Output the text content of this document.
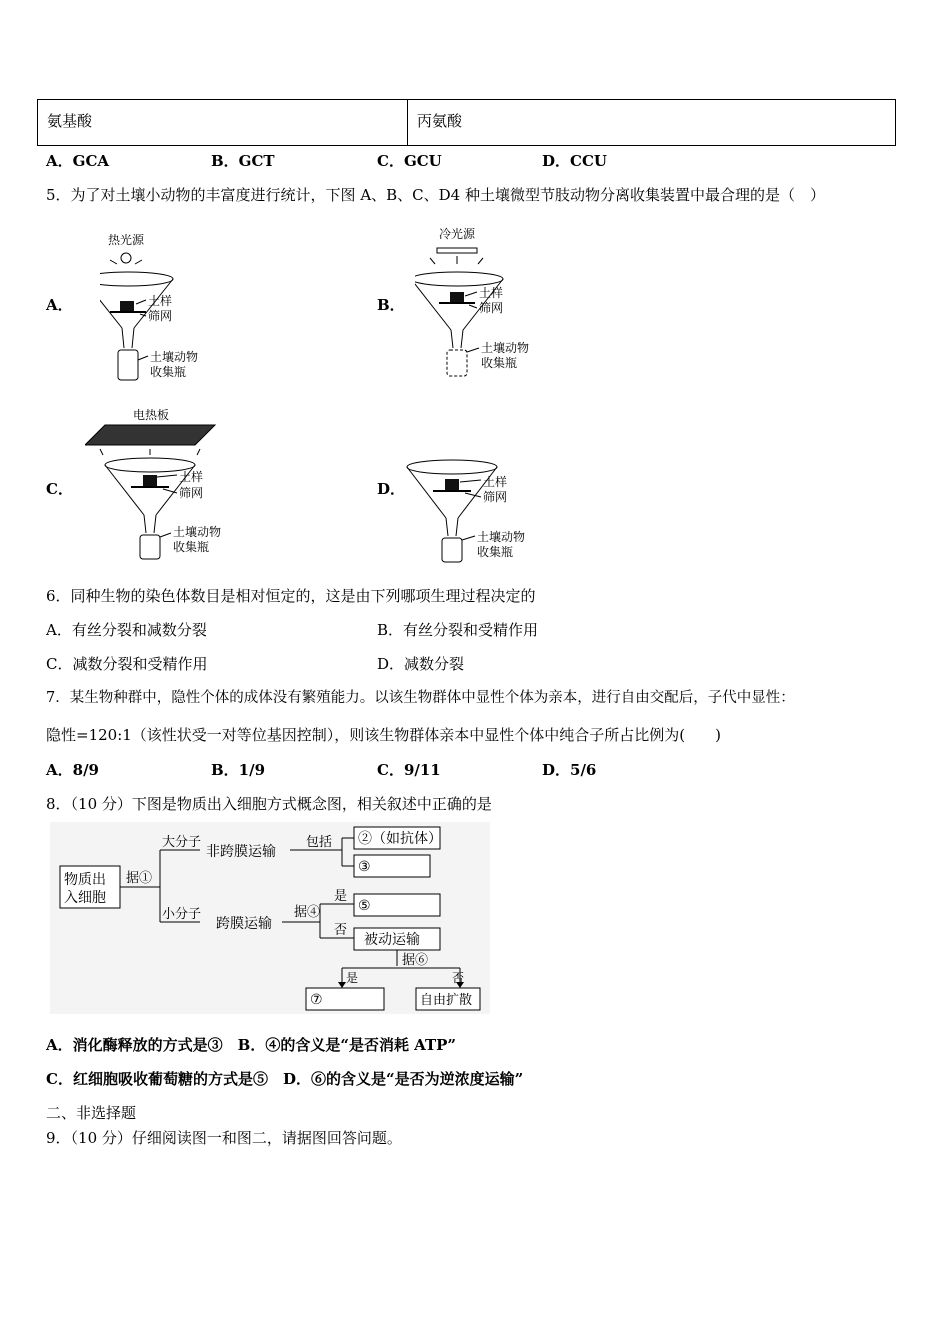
氨基酸	丙氨酸
A．GCA	B．GCT	C．GCU	D．CCU
5．为了对土壤小动物的丰富度进行统计，下图 A、B、C、D4 种土壤微型节肢动物分离收集装置中最合理的是（　）
A．	B．
C．	D．
热光源
土样
筛网
土壤动物
收集瓶
冷光源
土样
筛网
土壤动物
收集瓶
电热板
土样
筛网
土壤动物
收集瓶
土样
筛网
土壤动物
收集瓶
6．同种生物的染色体数目是相对恒定的，这是由下列哪项生理过程决定的
A．有丝分裂和减数分裂	B．有丝分裂和受精作用
C．减数分裂和受精作用	D．减数分裂
7．某生物种群中，隐性个体的成体没有繁殖能力。以该生物群体中显性个体为亲本，进行自由交配后，子代中显性：
隐性=120:1（该性状受一对等位基因控制），则该生物群体亲本中显性个体中纯合子所占比例为(　　)
A．8/9	B．1/9	C．9/11	D．5/6
8．（10 分）下图是物质出入细胞方式概念图，相关叙述中正确的是
物质出
入细胞
据①
大分子
小分子
非跨膜运输
跨膜运输
包括 ②（如抗体）
③
据④
是
否
⑤
被动运输
据⑥
是	否
⑦	自由扩散
A．消化酶释放的方式是③　B．④的含义是“是否消耗 ATP”
C．红细胞吸收葡萄糖的方式是⑤　D．⑥的含义是“是否为逆浓度运输”
二、非选择题
9．（10 分）仔细阅读图一和图二，请据图回答问题。
